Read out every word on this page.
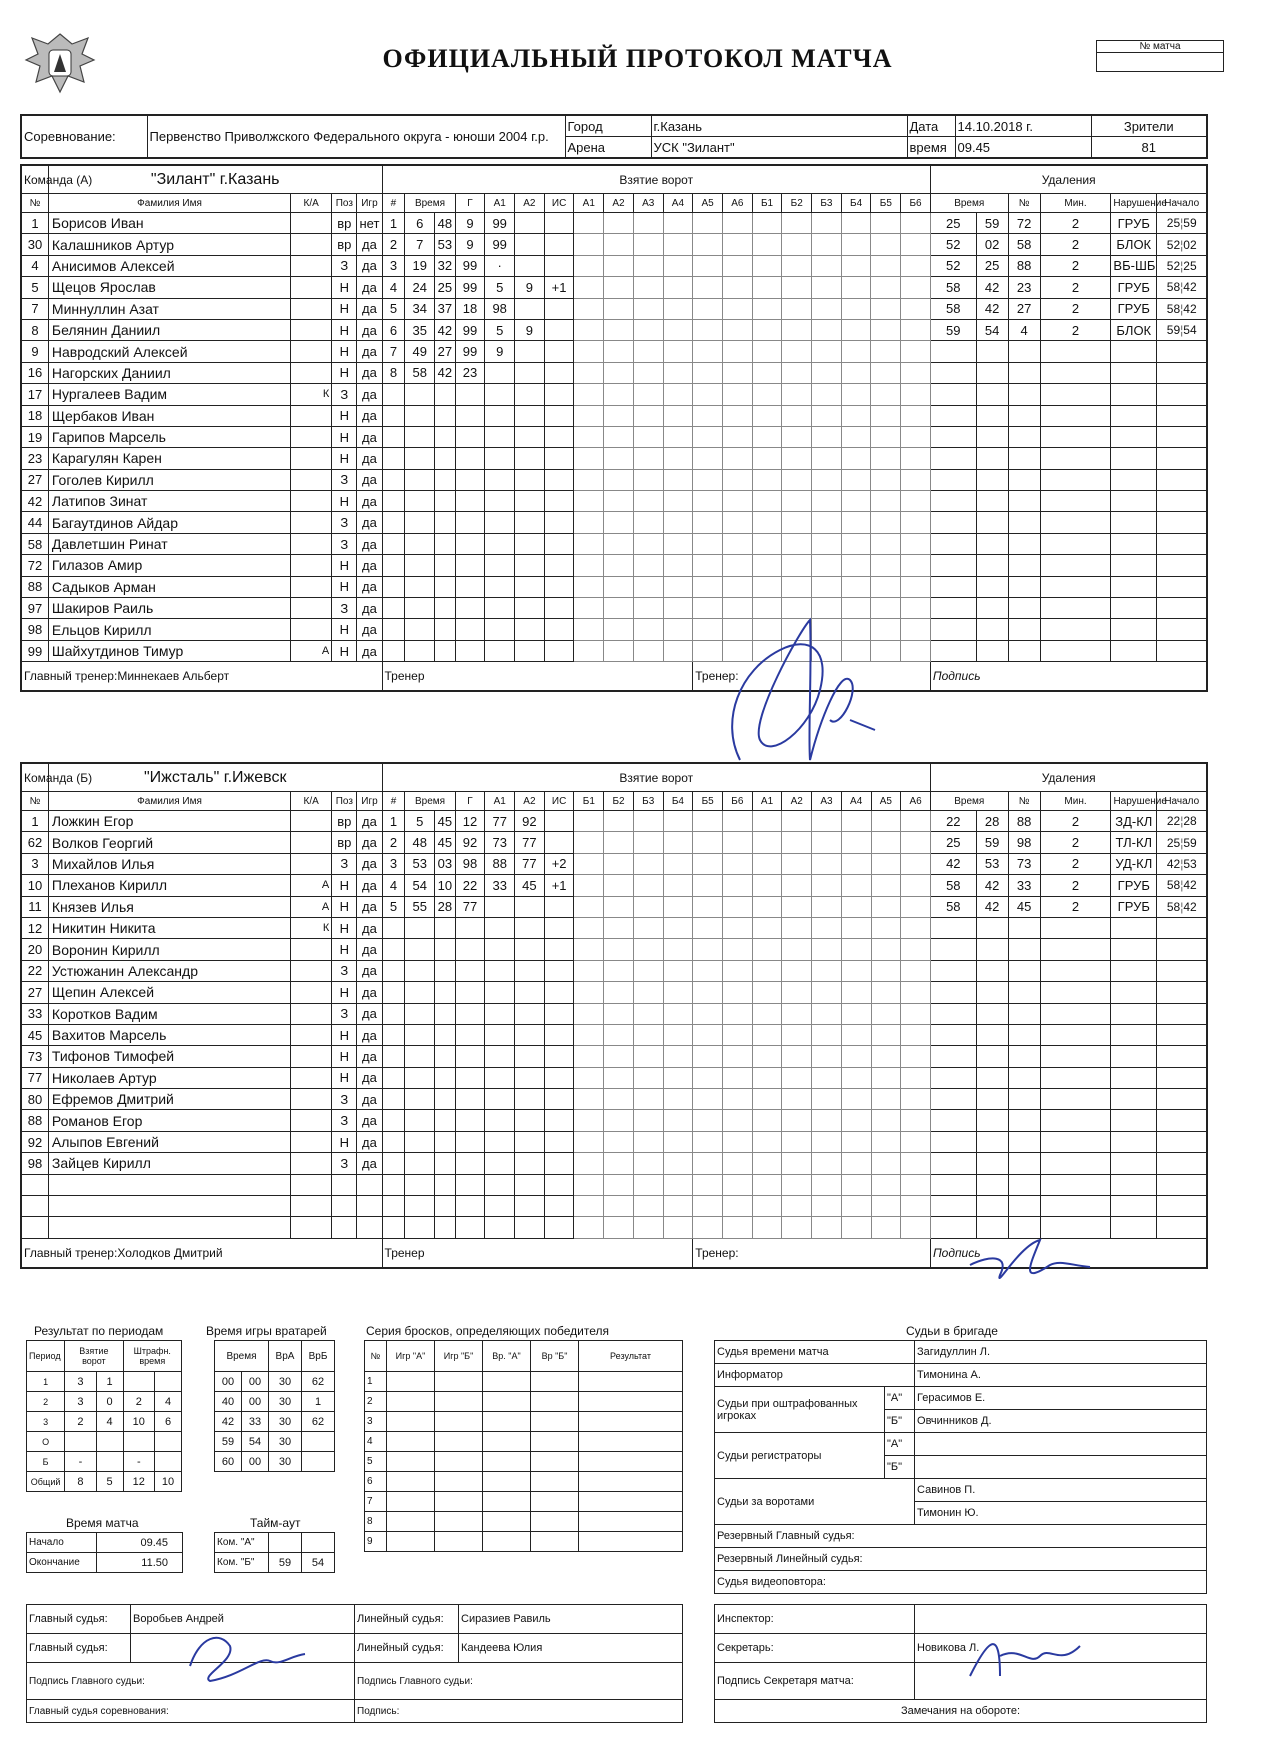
ОФИЦИАЛЬНЫЙ ПРОТОКОЛ МАТЧА	№ матча

Соревнование:	Первенство Приволжского Федерального округа - юноши 2004 г.р.	Город	г.Казань	Дата	14.10.2018 г.	Зрители
		Арена	УСК "Зилант"	время	09.45	81
Команда (А)	"Зилант" г.Казань				Взятие ворот																			Удаления						
№	Фамилия Имя	К/А	Поз	Игр	#	Время		Г	А1	А2	ИС	А1	А2	А3	А4	А5	А6	Б1	Б2	Б3	Б4	Б5	Б6	Время		№	Мин.	Нарушение	Начало	
1	Борисов Иван		вр	нет	1	6	48	9	99															25	59	72	2	ГРУБ	25¦59	
30	Калашников Артур		вр	да	2	7	53	9	99															52	02	58	2	БЛОК	52¦02	
4	Анисимов Алексей		З	да	3	19	32	99	·															52	25	88	2	ВБ-ШБ	52¦25	
5	Щецов Ярослав		Н	да	4	24	25	99	5	9	+1													58	42	23	2	ГРУБ	58¦42	
7	Миннуллин Азат		Н	да	5	34	37	18	98															58	42	27	2	ГРУБ	58¦42	
8	Белянин Даниил		Н	да	6	35	42	99	5	9														59	54	4	2	БЛОК	59¦54	
9	Навродский Алексей		Н	да	7	49	27	99	9																					
16	Нагорских Даниил		Н	да	8	58	42	23																						
17	Нургалеев Вадим	К	З	да																										
18	Щербаков Иван		Н	да																										
19	Гарипов Марсель		Н	да																										
23	Карагулян Карен		Н	да																										
27	Гоголев Кирилл		З	да																										
42	Латипов Зинат		Н	да																										
44	Багаутдинов Айдар		З	да																										
58	Давлетшин Ринат		З	да																										
72	Гилазов Амир		Н	да																										
88	Садыков Арман		Н	да																										
97	Шакиров Раиль		З	да																										
98	Ельцов Кирилл		Н	да																										
99	Шайхутдинов Тимур	А	Н	да																										
Главный тренер:Миннекаев Альберт					Тренер											Тренер:								Подпись						
Команда (Б)	"Ижсталь" г.Ижевск				Взятие ворот																			Удаления						
№	Фамилия Имя	К/А	Поз	Игр	#	Время		Г	А1	А2	ИС	Б1	Б2	Б3	Б4	Б5	Б6	А1	А2	А3	А4	А5	А6	Время		№	Мин.	Нарушение	Начало	
1	Ложкин Егор		вр	да	1	5	45	12	77	92														22	28	88	2	ЗД-КЛ	22¦28	
62	Волков Георгий		вр	да	2	48	45	92	73	77														25	59	98	2	ТЛ-КЛ	25¦59	
3	Михайлов Илья		З	да	3	53	03	98	88	77	+2													42	53	73	2	УД-КЛ	42¦53	
10	Плеханов Кирилл	А	Н	да	4	54	10	22	33	45	+1													58	42	33	2	ГРУБ	58¦42	
11	Князев Илья	А	Н	да	5	55	28	77																58	42	45	2	ГРУБ	58¦42	
12	Никитин Никита	К	Н	да																										
20	Воронин Кирилл		Н	да																										
22	Устюжанин Александр		З	да																										
27	Щепин Алексей		Н	да																										
33	Коротков Вадим		З	да																										
45	Вахитов Марсель		Н	да																										
73	Тифонов Тимофей		Н	да																										
77	Николаев Артур		Н	да																										
80	Ефремов Дмитрий		З	да																										
88	Романов Егор		З	да																										
92	Алыпов Евгений		Н	да																										
98	Зайцев Кирилл		З	да																										

Главный тренер:Холодков Дмитрий					Тренер											Тренер:								Подпись						
Результат по периодам
Период	Взятие ворот		Штрафн. время	
1	3	1		
2	3	0	2	4
3	2	4	10	6
О				
Б	-		-	
Общий	8	5	12	10
Время игры вратарей
Время		ВрА	ВрБ
00	00	30	62
40	00	30	1
42	33	30	62
59	54	30	
60	00	30	
Время матча
Начало	09.45
Окончание	11.50
Тайм-аут
Ком. "А"		
Ком. "Б"	59	54
Серия бросков, определяющих победителя
№	Игр "А"	Игр "Б"	Вр. "А"	Вр "Б"	Результат
1					
2					
3					
4					
5					
6					
7					
8					
9					
Судьи в бригаде
Судья времени матча		Загидуллин Л.
Информатор		Тимонина А.
Судьи при оштрафованных игроках	"А"	Герасимов Е.
	"Б"	Овчинников Д.
Судьи регистраторы	"А"	
	"Б"	
Судьи за воротами		Савинов П.
		Тимонин Ю.
Резервный Главный судья:		
Резервный Линейный судья:		
Судья видеоповтора:		
Главный судья:	Воробьев Андрей	Линейный судья:	Сиразиев Равиль
Главный судья:		Линейный судья:	Кандеева Юлия
Подпись Главного судьи:		Подпись Главного судьи:	
Главный судья соревнования:		Подпись:	
Инспектор:	
Секретарь:	Новикова Л.
Подпись Секретаря матча:	
Замечания на обороте:	
